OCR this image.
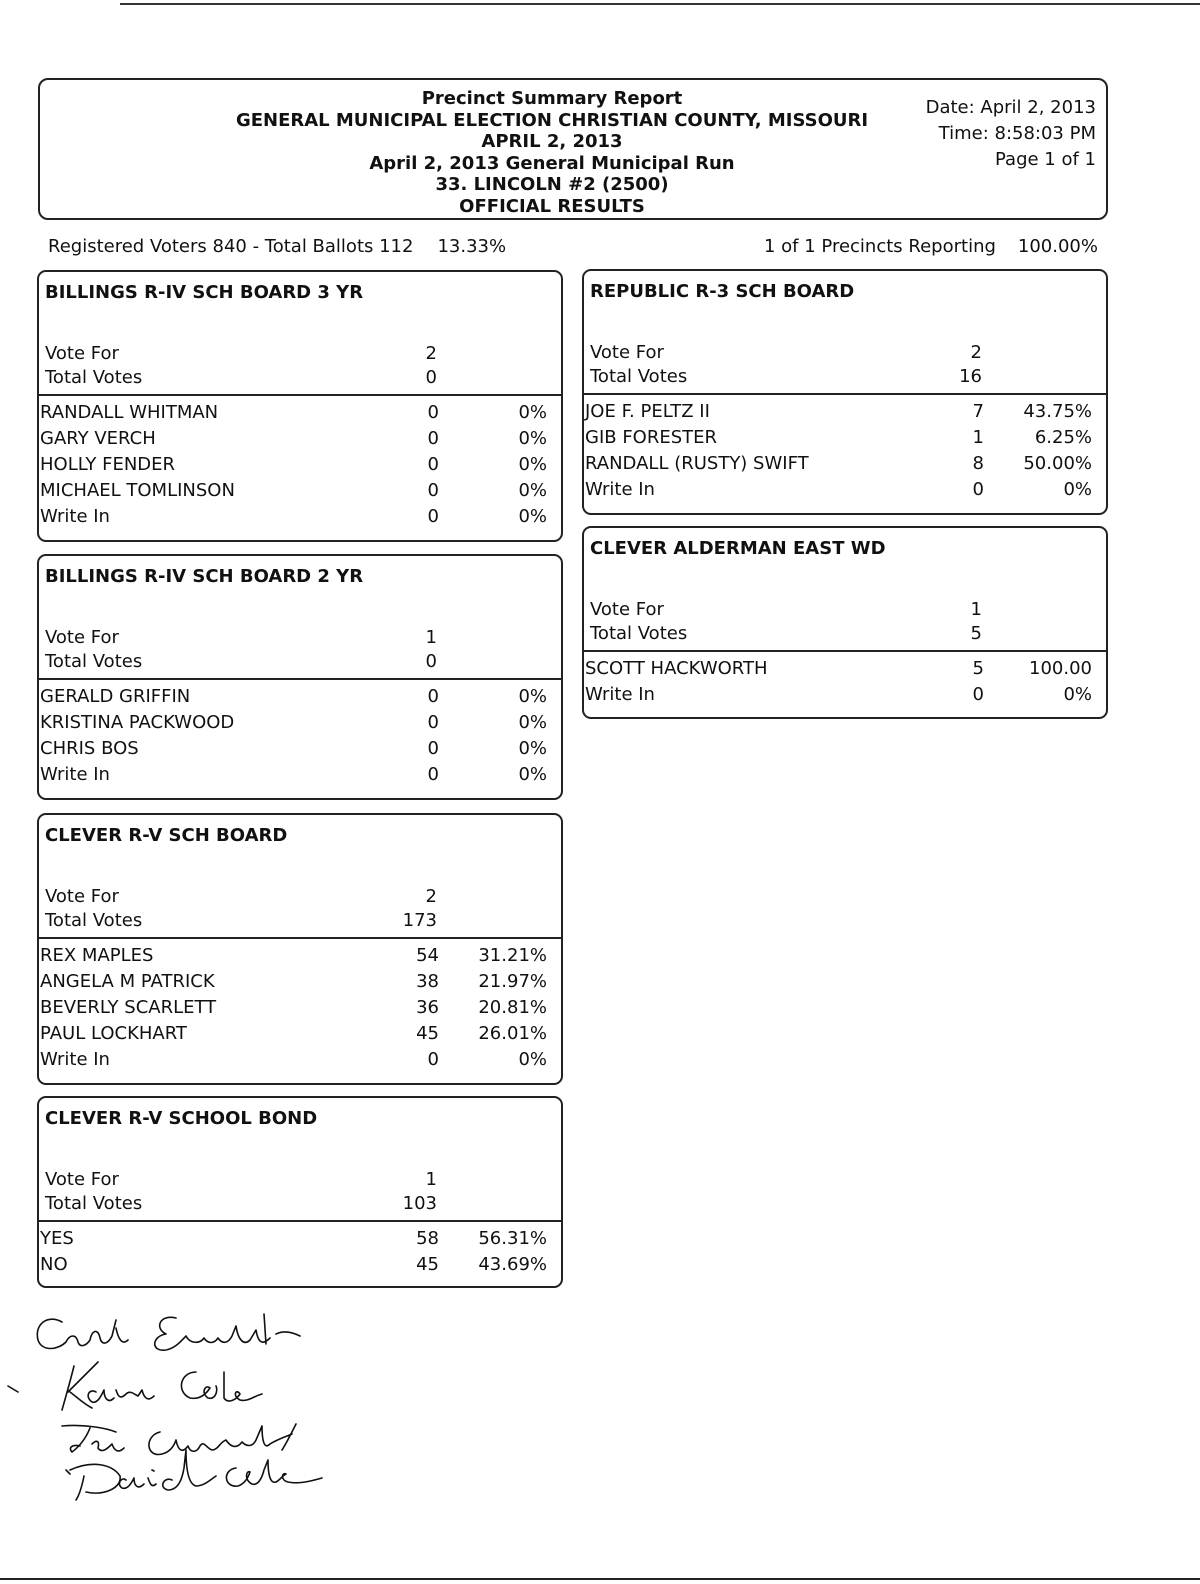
Precinct Summary Report
GENERAL MUNICIPAL ELECTION CHRISTIAN COUNTY, MISSOURI
APRIL 2, 2013
April 2, 2013 General Municipal Run
33. LINCOLN #2 (2500)
OFFICIAL RESULTS
Date: April 2, 2013
Time: 8:58:03 PM
Page 1 of 1
Registered Voters 840 - Total Ballots 112 13.33%	1 of 1 Precincts Reporting 100.00%
BILLINGS R-IV SCH BOARD 3 YR
Vote For	2
Total Votes	0
RANDALL WHITMAN	0	0%
GARY VERCH	0	0%
HOLLY FENDER	0	0%
MICHAEL TOMLINSON	0	0%
Write In	0	0%
BILLINGS R-IV SCH BOARD 2 YR
Vote For	1
Total Votes	0
GERALD GRIFFIN	0	0%
KRISTINA PACKWOOD	0	0%
CHRIS BOS	0	0%
Write In	0	0%
CLEVER R-V SCH BOARD
Vote For	2
Total Votes	173
REX MAPLES	54	31.21%
ANGELA M PATRICK	38	21.97%
BEVERLY SCARLETT	36	20.81%
PAUL LOCKHART	45	26.01%
Write In	0	0%
CLEVER R-V SCHOOL BOND
Vote For	1
Total Votes	103
YES	58	56.31%
NO	45	43.69%
REPUBLIC R-3 SCH BOARD
Vote For	2
Total Votes	16
JOE F. PELTZ II	7	43.75%
GIB FORESTER	1	6.25%
RANDALL (RUSTY) SWIFT	8	50.00%
Write In	0	0%
CLEVER ALDERMAN EAST WD
Vote For	1
Total Votes	5
SCOTT HACKWORTH	5	100.00
Write In	0	0%
